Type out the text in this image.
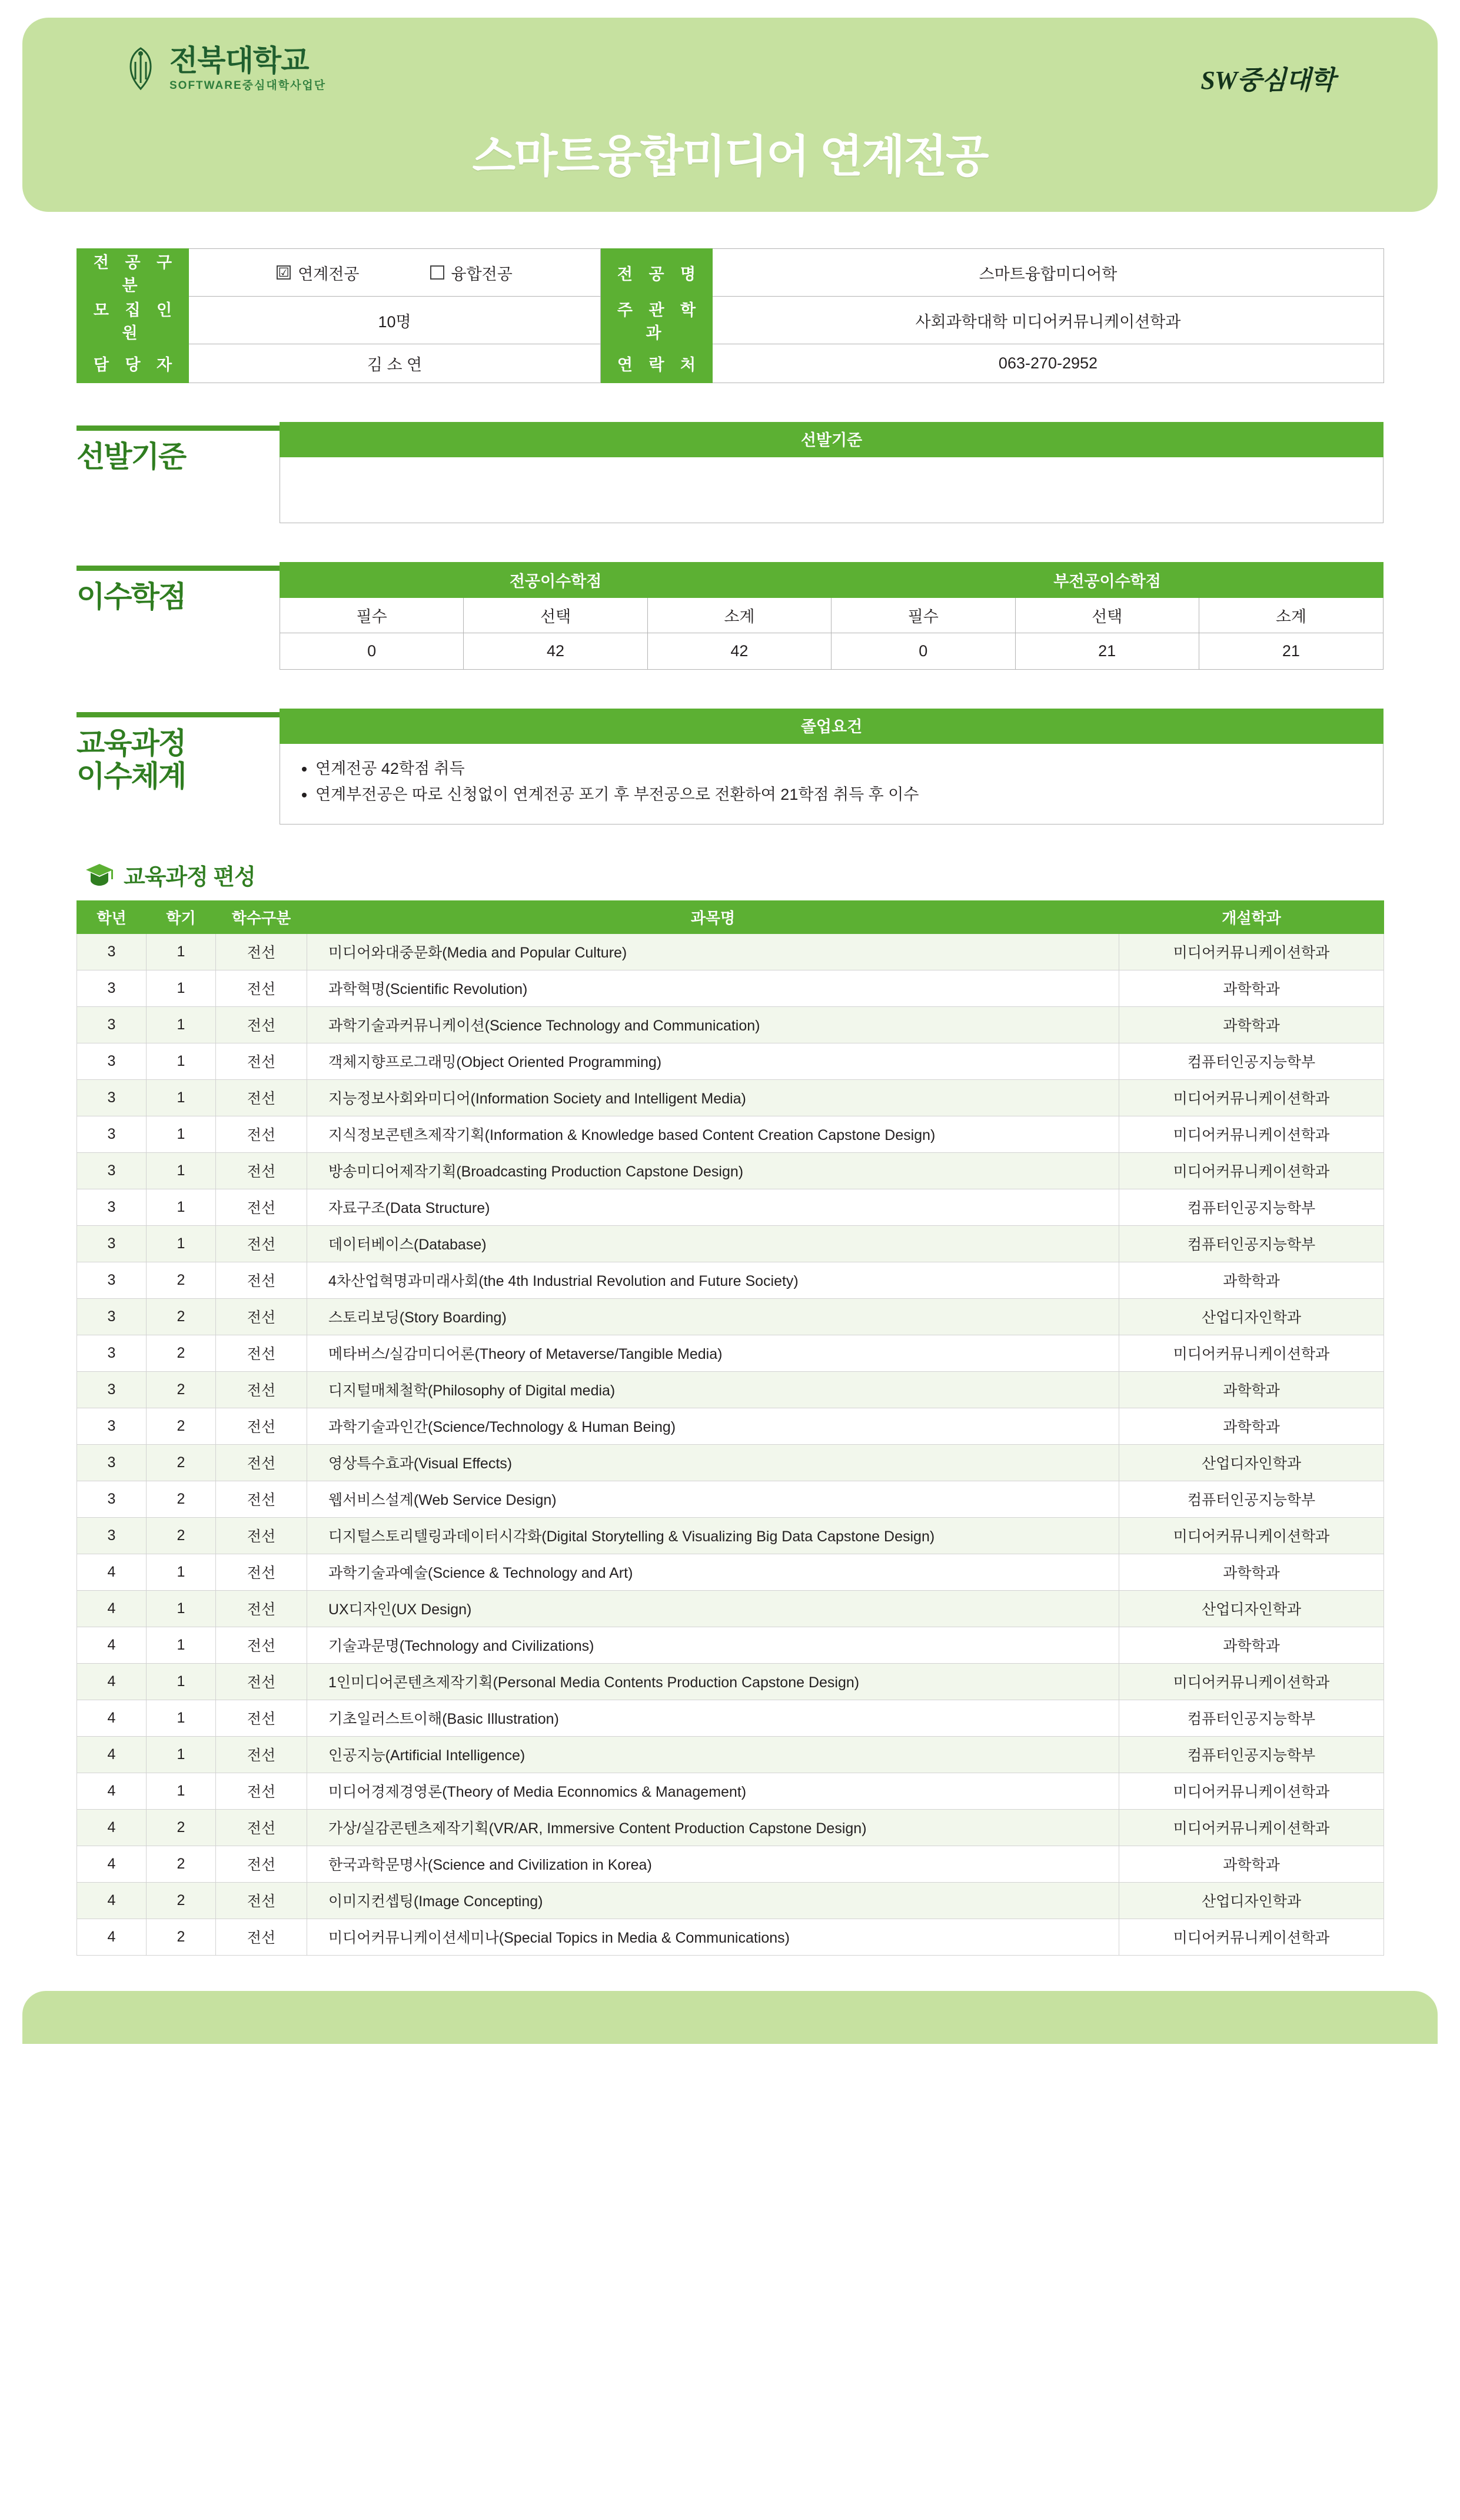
전북대학교
SOFTWARE중심대학사업단	SW중심대학
스마트융합미디어 연계전공
전 공 구 분	☑ 연계전공 융합전공	전 공 명	스마트융합미디어학
모 집 인 원	10명	주 관 학 과	사회과학대학 미디어커뮤니케이션학과
담 당 자	김 소 연	연 락 처	063-270-2952
선발기준	선발기준
이수학점	전공이수학점			부전공이수학점		
필수	선택	소계	필수	선택	소계
0	42	42	0	21	21
교육과정
이수체계
졸업요건
• 연계전공 42학점 취득
• 연계부전공은 따로 신청없이 연계전공 포기 후 부전공으로 전환하여 21학점 취득 후 이수
교육과정 편성
학년	학기	학수구분	과목명	개설학과
3	1	전선	미디어와대중문화(Media and Popular Culture)	미디어커뮤니케이션학과
3	1	전선	과학혁명(Scientific Revolution)	과학학과
3	1	전선	과학기술과커뮤니케이션(Science Technology and Communication)	과학학과
3	1	전선	객체지향프로그래밍(Object Oriented Programming)	컴퓨터인공지능학부
3	1	전선	지능정보사회와미디어(Information Society and Intelligent Media)	미디어커뮤니케이션학과
3	1	전선	지식정보콘텐츠제작기획(Information & Knowledge based Content Creation Capstone Design)	미디어커뮤니케이션학과
3	1	전선	방송미디어제작기획(Broadcasting Production Capstone Design)	미디어커뮤니케이션학과
3	1	전선	자료구조(Data Structure)	컴퓨터인공지능학부
3	1	전선	데이터베이스(Database)	컴퓨터인공지능학부
3	2	전선	4차산업혁명과미래사회(the 4th Industrial Revolution and Future Society)	과학학과
3	2	전선	스토리보딩(Story Boarding)	산업디자인학과
3	2	전선	메타버스/실감미디어론(Theory of Metaverse/Tangible Media)	미디어커뮤니케이션학과
3	2	전선	디지털매체철학(Philosophy of Digital media)	과학학과
3	2	전선	과학기술과인간(Science/Technology & Human Being)	과학학과
3	2	전선	영상특수효과(Visual Effects)	산업디자인학과
3	2	전선	웹서비스설계(Web Service Design)	컴퓨터인공지능학부
3	2	전선	디지털스토리텔링과데이터시각화(Digital Storytelling & Visualizing Big Data Capstone Design)	미디어커뮤니케이션학과
4	1	전선	과학기술과예술(Science & Technology and Art)	과학학과
4	1	전선	UX디자인(UX Design)	산업디자인학과
4	1	전선	기술과문명(Technology and Civilizations)	과학학과
4	1	전선	1인미디어콘텐츠제작기획(Personal Media Contents Production Capstone Design)	미디어커뮤니케이션학과
4	1	전선	기초일러스트이해(Basic Illustration)	컴퓨터인공지능학부
4	1	전선	인공지능(Artificial Intelligence)	컴퓨터인공지능학부
4	1	전선	미디어경제경영론(Theory of Media Econnomics & Management)	미디어커뮤니케이션학과
4	2	전선	가상/실감콘텐츠제작기획(VR/AR, Immersive Content Production Capstone Design)	미디어커뮤니케이션학과
4	2	전선	한국과학문명사(Science and Civilization in Korea)	과학학과
4	2	전선	이미지컨셉팅(Image Concepting)	산업디자인학과
4	2	전선	미디어커뮤니케이션세미나(Special Topics in Media & Communications)	미디어커뮤니케이션학과
